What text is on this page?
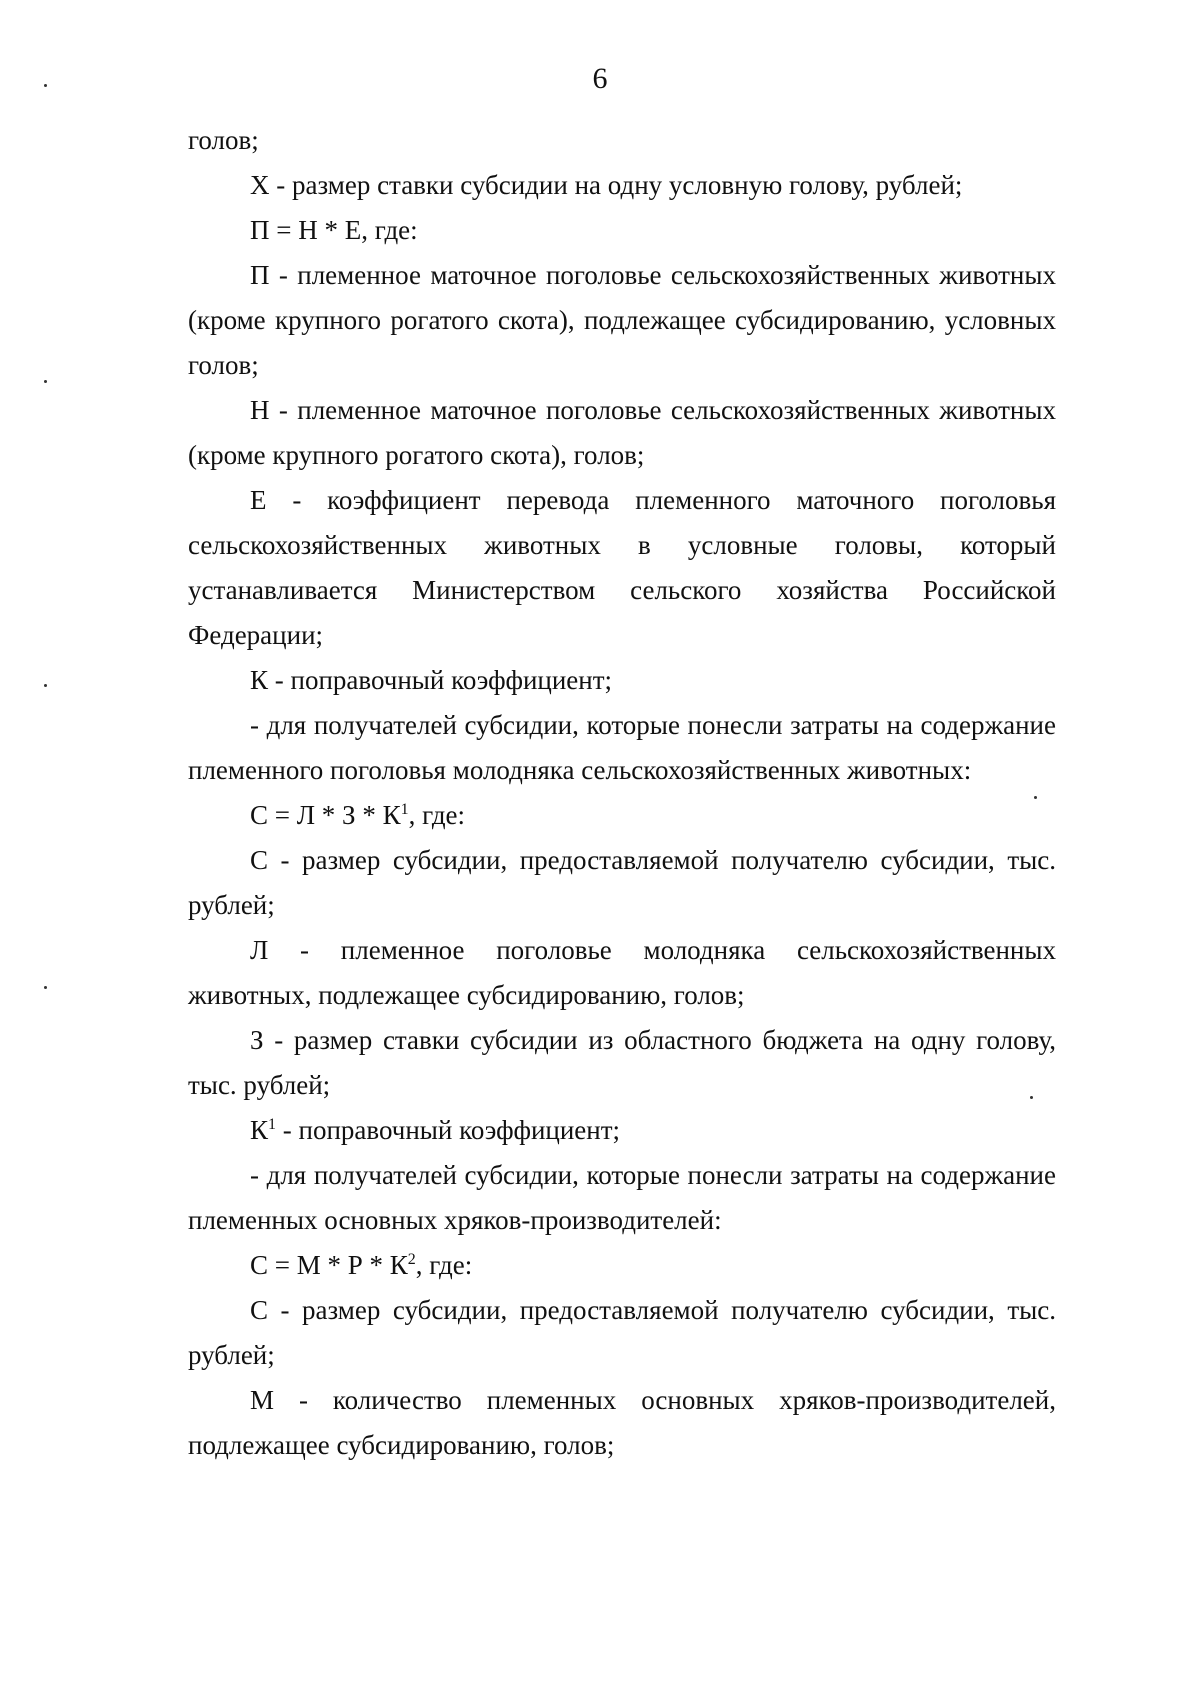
6

голов;

Х - размер ставки субсидии на одну условную голову, рублей;

П = Н * Е, где:

П - племенное маточное поголовье сельскохозяйственных животных (кроме крупного рогатого скота), подлежащее субсидированию, условных голов;

Н - племенное маточное поголовье сельскохозяйственных животных (кроме крупного рогатого скота), голов;

Е - коэффициент перевода племенного маточного поголовья сельскохозяйственных животных в условные головы, который устанавливается Министерством сельского хозяйства Российской Федерации;

К - поправочный коэффициент;

- для получателей субсидии, которые понесли затраты на содержание племенного поголовья молодняка сельскохозяйственных животных:

$С = Л * З * К^1$, где:

С - размер субсидии, предоставляемой получателю субсидии, тыс. рублей;

Л - племенное поголовье молодняка сельскохозяйственных животных, подлежащее субсидированию, голов;

З - размер ставки субсидии из областного бюджета на одну голову, тыс. рублей;

$К^1$ - поправочный коэффициент;

- для получателей субсидии, которые понесли затраты на содержание племенных основных хряков-производителей:

$С = М * Р * К^2$, где:

С - размер субсидии, предоставляемой получателю субсидии, тыс. рублей;

М - количество племенных основных хряков-производителей, подлежащее субсидированию, голов;
